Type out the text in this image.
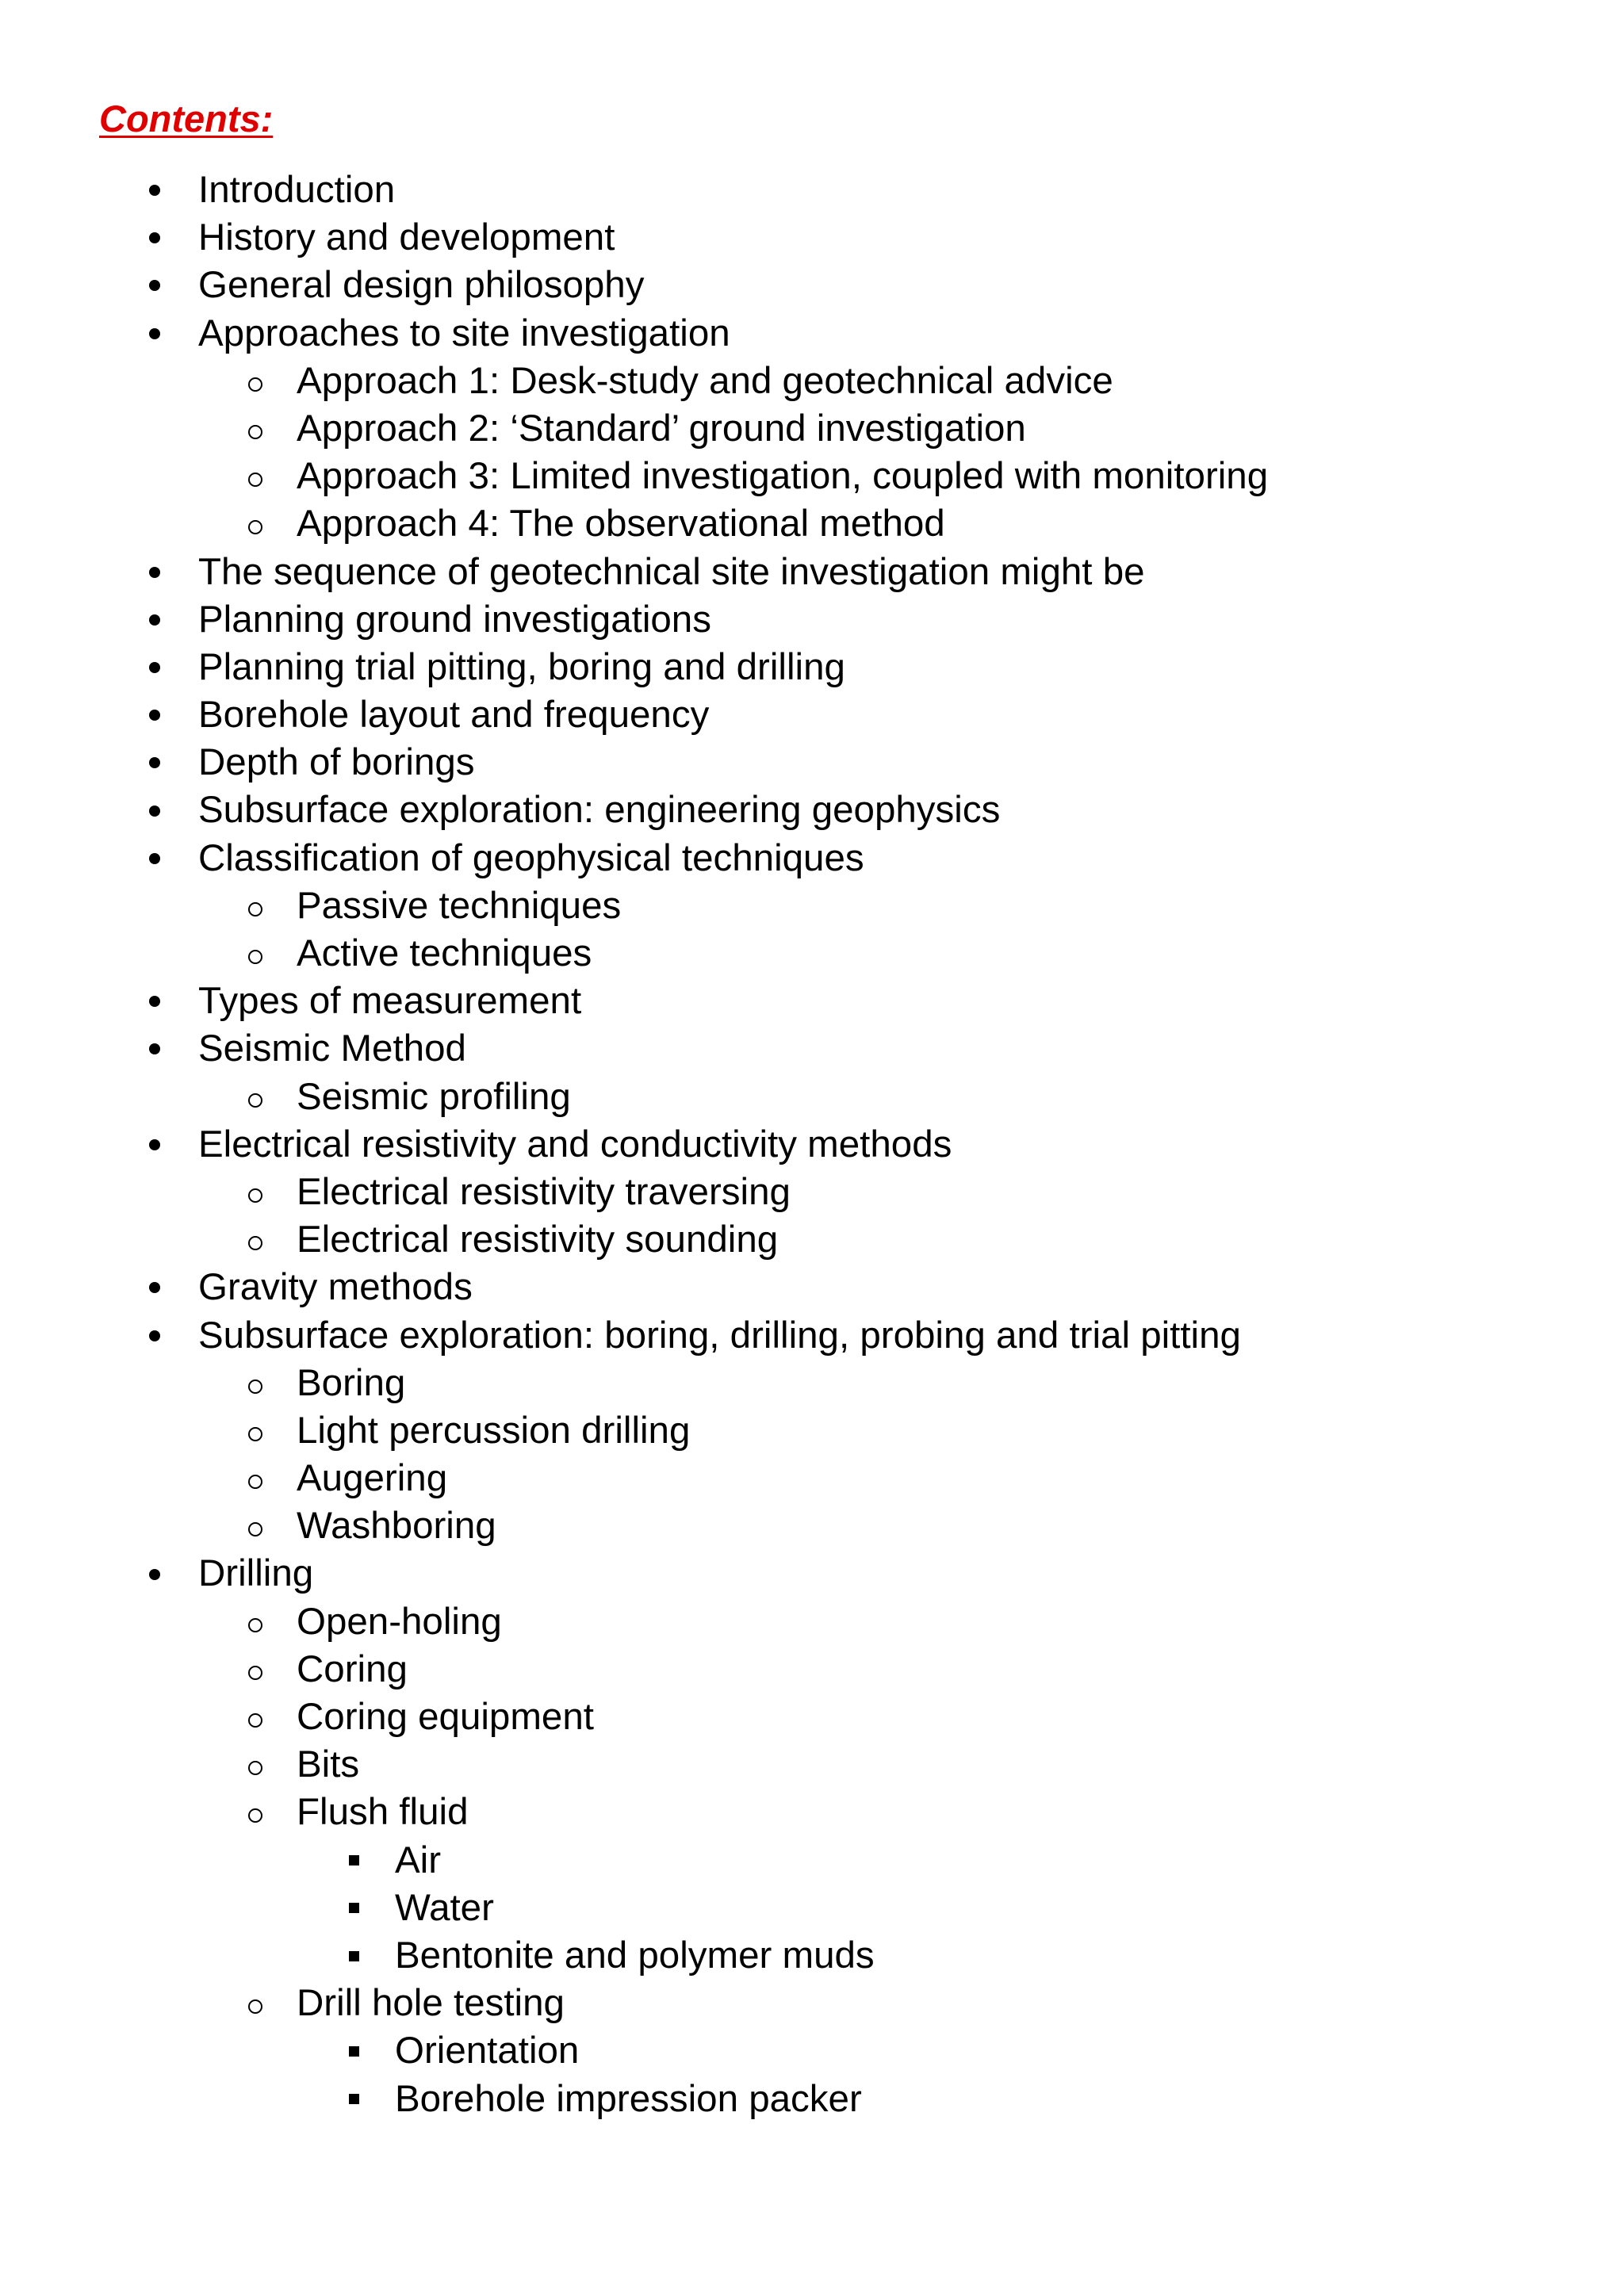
Contents:
Introduction
History and development
General design philosophy
Approaches to site investigation
Approach 1: Desk-study and geotechnical advice
Approach 2: ‘Standard’ ground investigation
Approach 3: Limited investigation, coupled with monitoring
Approach 4: The observational method
The sequence of geotechnical site investigation might be
Planning ground investigations
Planning trial pitting, boring and drilling
Borehole layout and frequency
Depth of borings
Subsurface exploration: engineering geophysics
Classification of geophysical techniques
Passive techniques
Active techniques
Types of measurement
Seismic Method
Seismic profiling
Electrical resistivity and conductivity methods
Electrical resistivity traversing
Electrical resistivity sounding
Gravity methods
Subsurface exploration: boring, drilling, probing and trial pitting
Boring
Light percussion drilling
Augering
Washboring
Drilling
Open-holing
Coring
Coring equipment
Bits
Flush fluid
Air
Water
Bentonite and polymer muds
Drill hole testing
Orientation
Borehole impression packer
